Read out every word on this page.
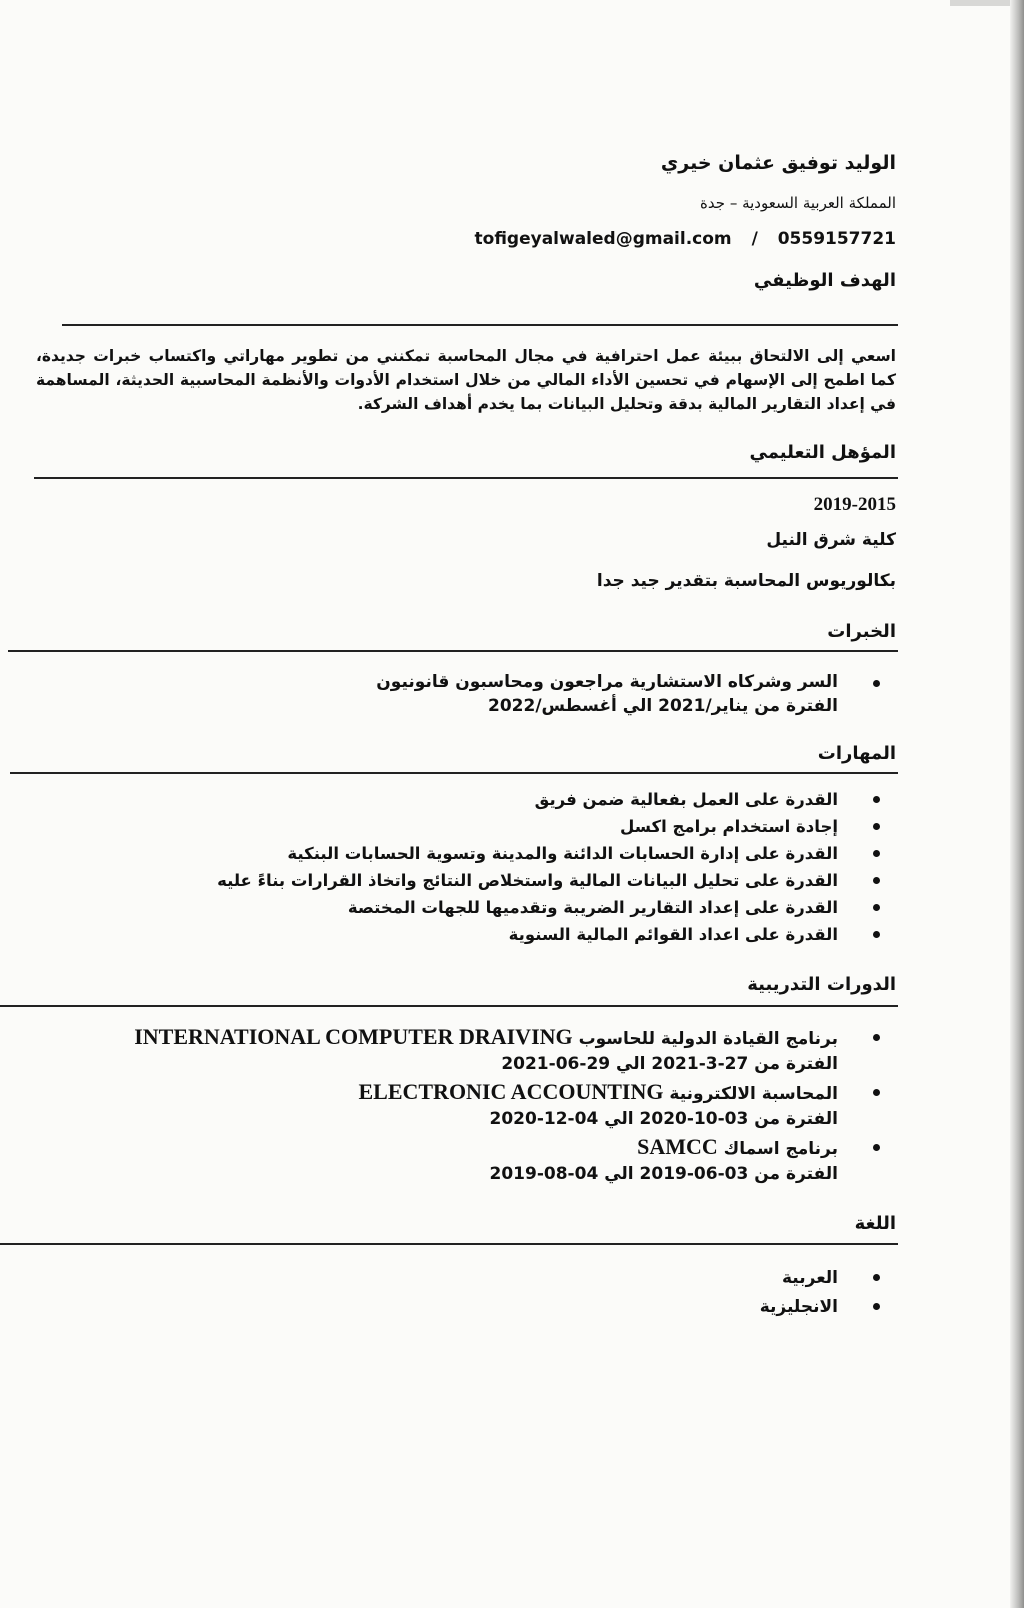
الوليد توفيق عثمان خيري
المملكة العربية السعودية – جدة
tofigeyalwaled@gmail.com / 0559157721
الهدف الوظيفي
اسعي إلى الالتحاق ببيئة عمل احترافية في مجال المحاسبة تمكنني من تطوير مهاراتي واكتساب خبرات جديدة، كما اطمح إلى الإسهام في تحسين الأداء المالي من خلال استخدام الأدوات والأنظمة المحاسبية الحديثة، المساهمة في إعداد التقارير المالية بدقة وتحليل البيانات بما يخدم أهداف الشركة.
المؤهل التعليمي
2019-2015
كلية شرق النيل
بكالوريوس المحاسبة بتقدير جيد جدا
الخبرات
السر وشركاه الاستشارية مراجعون ومحاسبون قانونيون
الفترة من يناير/2021 الي أغسطس/2022
المهارات
القدرة على العمل بفعالية ضمن فريق
إجادة استخدام برامج اكسل
القدرة على إدارة الحسابات الدائنة والمدينة وتسوية الحسابات البنكية
القدرة على تحليل البيانات المالية واستخلاص النتائج واتخاذ القرارات بناءً عليه
القدرة على إعداد التقارير الضريبة وتقدميها للجهات المختصة
القدرة على اعداد القوائم المالية السنوية
الدورات التدريبية
برنامج القيادة الدولية للحاسوب INTERNATIONAL COMPUTER DRAIVING
الفترة من 27-3-2021 الي 29-06-2021
المحاسبة الالكترونية ELECTRONIC ACCOUNTING
الفترة من 03-10-2020 الي 04-12-2020
برنامج اسماك SAMCC
الفترة من 03-06-2019 الي 04-08-2019
اللغة
العربية
الانجليزية
